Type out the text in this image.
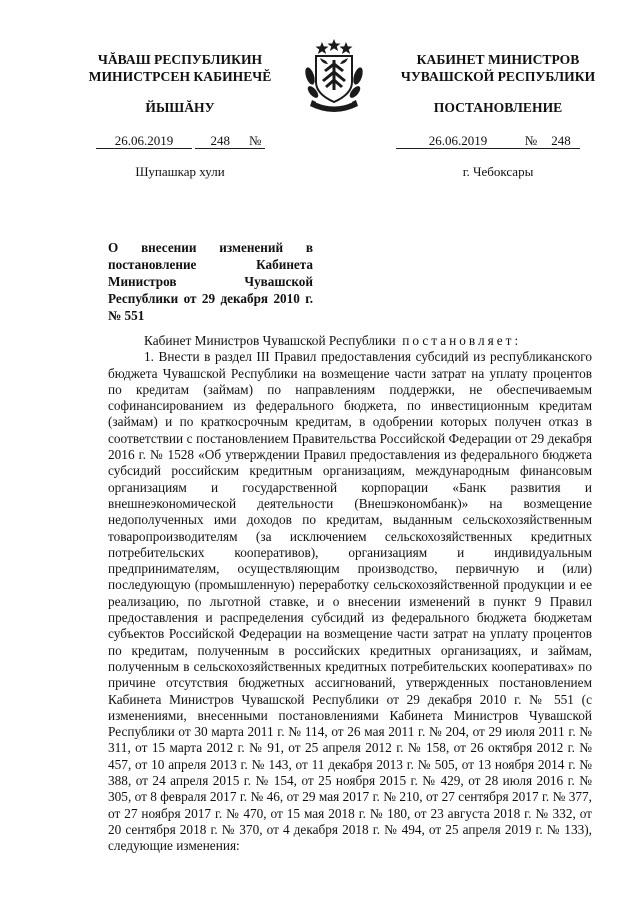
ЧĂВАШ РЕСПУБЛИКИН
МИНИСТРСЕН КАБИНЕЧĔ
КАБИНЕТ МИНИСТРОВ
ЧУВАШСКОЙ РЕСПУБЛИКИ
ЙЫШĂНУ	ПОСТАНОВЛЕНИЕ
26.06.2019	248 №	26.06.2019	№ 248
Шупашкар хули	г. Чебоксары
О внесении изменений в постановление Кабинета Министров Чувашской Республики от 29 декабря 2010 г. № 551

Кабинет Министров Чувашской Республики постановляет:

1. Внести в раздел III Правил предоставления субсидий из республиканского бюджета Чувашской Республики на возмещение части затрат на уплату процентов по кредитам (займам) по направлениям поддержки, не обеспечиваемым софинансированием из федерального бюджета, по инвестиционным кредитам (займам) и по краткосрочным кредитам, в одобрении которых получен отказ в соответствии с постановлением Правительства Российской Федерации от 29 декабря 2016 г. № 1528 «Об утверждении Правил предоставления из федерального бюджета субсидий российским кредитным организациям, международным финансовым организациям и государственной корпорации «Банк развития и внешнеэкономической деятельности (Внешэкономбанк)» на возмещение недополученных ими доходов по кредитам, выданным сельскохозяйственным товаропроизводителям (за исключением сельскохозяйственных кредитных потребительских кооперативов), организациям и индивидуальным предпринимателям, осуществляющим производство, первичную и (или) последующую (промышленную) переработку сельскохозяйственной продукции и ее реализацию, по льготной ставке, и о внесении изменений в пункт 9 Правил предоставления и распределения субсидий из федерального бюджета бюджетам субъектов Российской Федерации на возмещение части затрат на уплату процентов по кредитам, полученным в российских кредитных организациях, и займам, полученным в сельскохозяйственных кредитных потребительских кооперативах» по причине отсутствия бюджетных ассигнований, утвержденных постановлением Кабинета Министров Чувашской Республики от 29 декабря 2010 г. № 551 (с изменениями, внесенными постановлениями Кабинета Министров Чувашской Республики от 30 марта 2011 г. № 114, от 26 мая 2011 г. № 204, от 29 июля 2011 г. № 311, от 15 марта 2012 г. № 91, от 25 апреля 2012 г. № 158, от 26 октября 2012 г. № 457, от 10 апреля 2013 г. № 143, от 11 декабря 2013 г. № 505, от 13 ноября 2014 г. № 388, от 24 апреля 2015 г. № 154, от 25 ноября 2015 г. № 429, от 28 июля 2016 г. № 305, от 8 февраля 2017 г. № 46, от 29 мая 2017 г. № 210, от 27 сентября 2017 г. № 377, от 27 ноября 2017 г. № 470, от 15 мая 2018 г. № 180, от 23 августа 2018 г. № 332, от 20 сентября 2018 г. № 370, от 4 декабря 2018 г. № 494, от 25 апреля 2019 г. № 133), следующие изменения:
